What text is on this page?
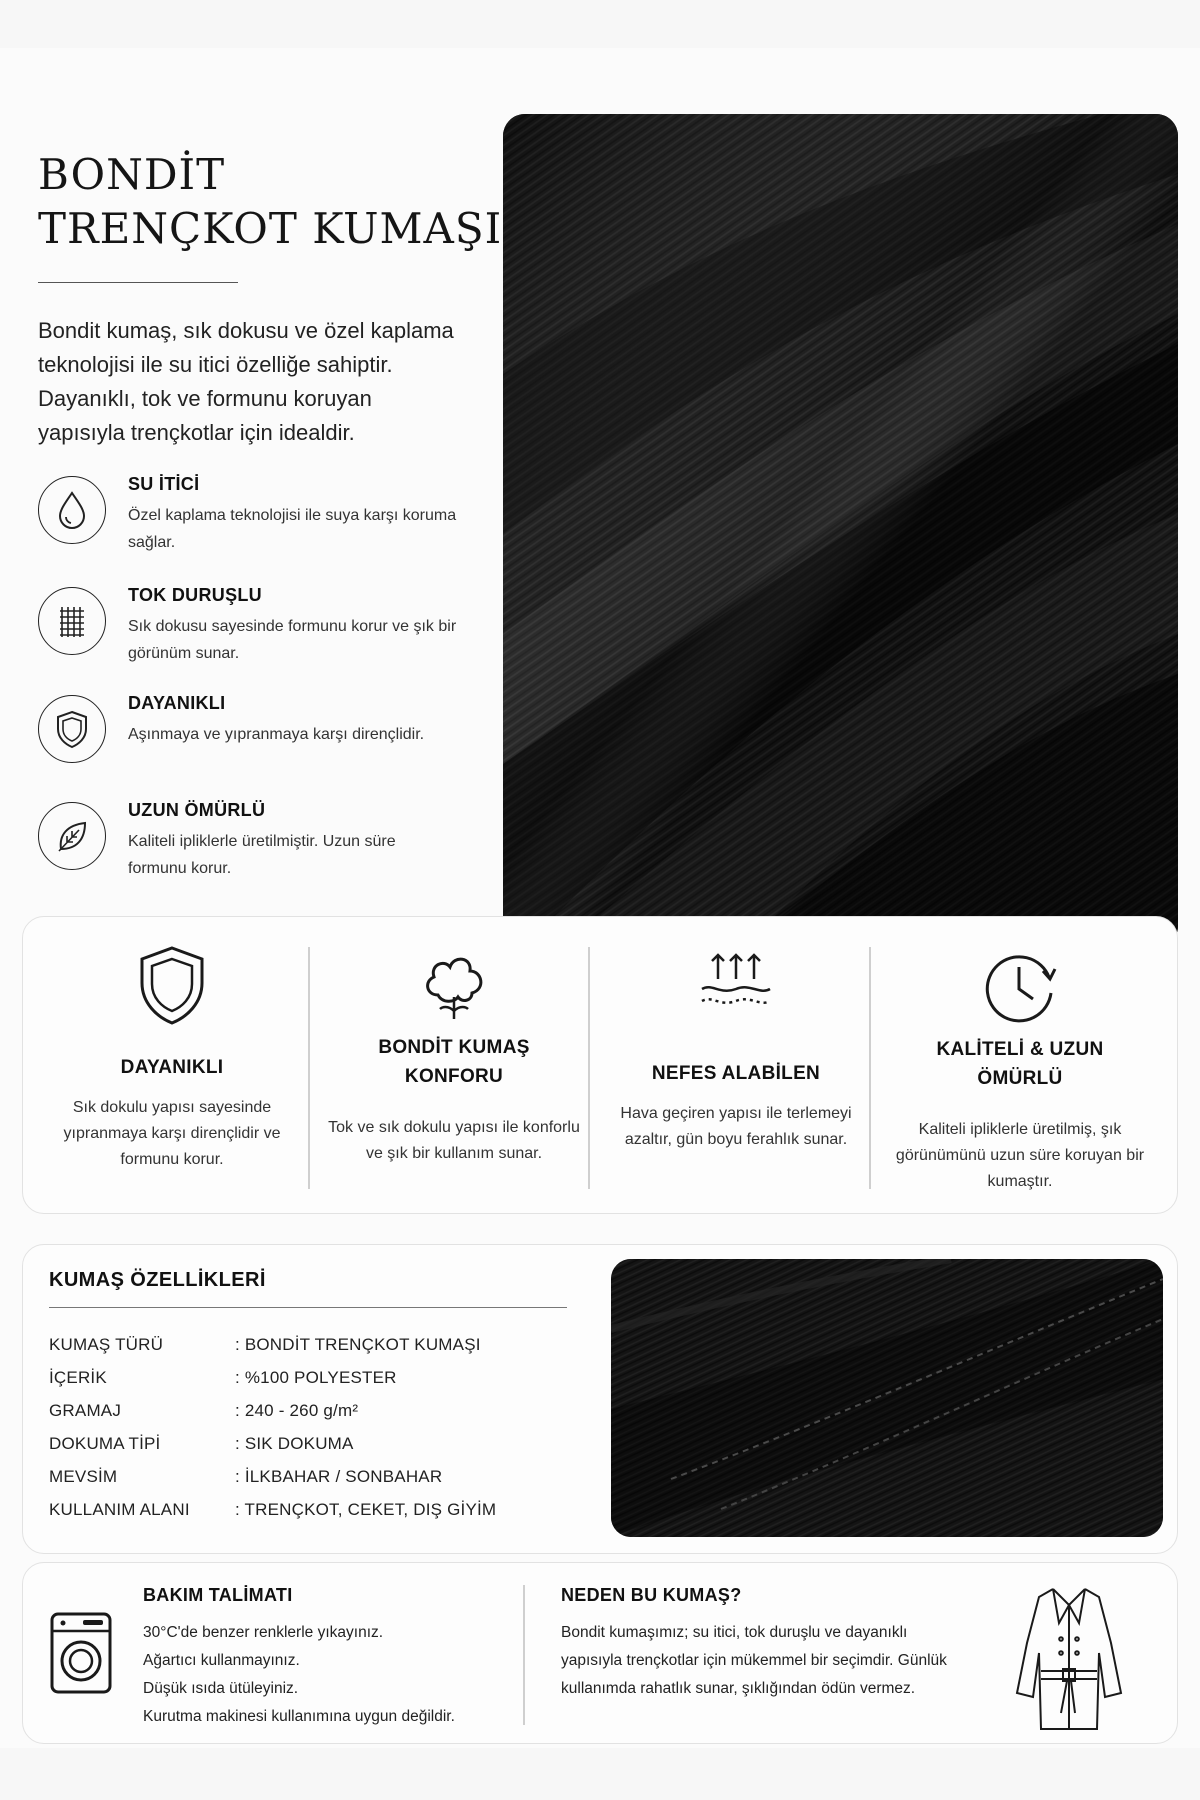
BONDİT
TRENÇKOT KUMAŞI

Bondit kumaş, sık dokusu ve özel kaplama teknolojisi ile su itici özelliğe sahiptir. Dayanıklı, tok ve formunu koruyan yapısıyla trençkotlar için idealdir.

SU İTİCİ
Özel kaplama teknolojisi ile suya karşı koruma sağlar.
TOK DURUŞLU
Sık dokusu sayesinde formunu korur ve şık bir görünüm sunar.
DAYANIKLI
Aşınmaya ve yıpranmaya karşı dirençlidir.
UZUN ÖMÜRLÜ
Kaliteli ipliklerle üretilmiştir. Uzun süre formunu korur.
DAYANIKLI
Sık dokulu yapısı sayesinde yıpranmaya karşı dirençlidir ve formunu korur.
BONDİT KUMAŞ KONFORU
Tok ve sık dokulu yapısı ile konforlu ve şık bir kullanım sunar.
NEFES ALABİLEN
Hava geçiren yapısı ile terlemeyi azaltır, gün boyu ferahlık sunar.
KALİTELİ & UZUN ÖMÜRLÜ
Kaliteli ipliklerle üretilmiş, şık görünümünü uzun süre koruyan bir kumaştır.
KUMAŞ ÖZELLİKLERİ
KUMAŞ TÜRÜ	: BONDİT TRENÇKOT KUMAŞI
İÇERİK	: %100 POLYESTER
GRAMAJ	: 240 - 260 g/m²
DOKUMA TİPİ	: SIK DOKUMA
MEVSİM	: İLKBAHAR / SONBAHAR
KULLANIM ALANI	: TRENÇKOT, CEKET, DIŞ GİYİM
BAKIM TALİMATI
30°C'de benzer renklerle yıkayınız.
Ağartıcı kullanmayınız.
Düşük ısıda ütüleyiniz.
Kurutma makinesi kullanımına uygun değildir.
NEDEN BU KUMAŞ?
Bondit kumaşımız; su itici, tok duruşlu ve dayanıklı yapısıyla trençkotlar için mükemmel bir seçimdir. Günlük kullanımda rahatlık sunar, şıklığından ödün vermez.
